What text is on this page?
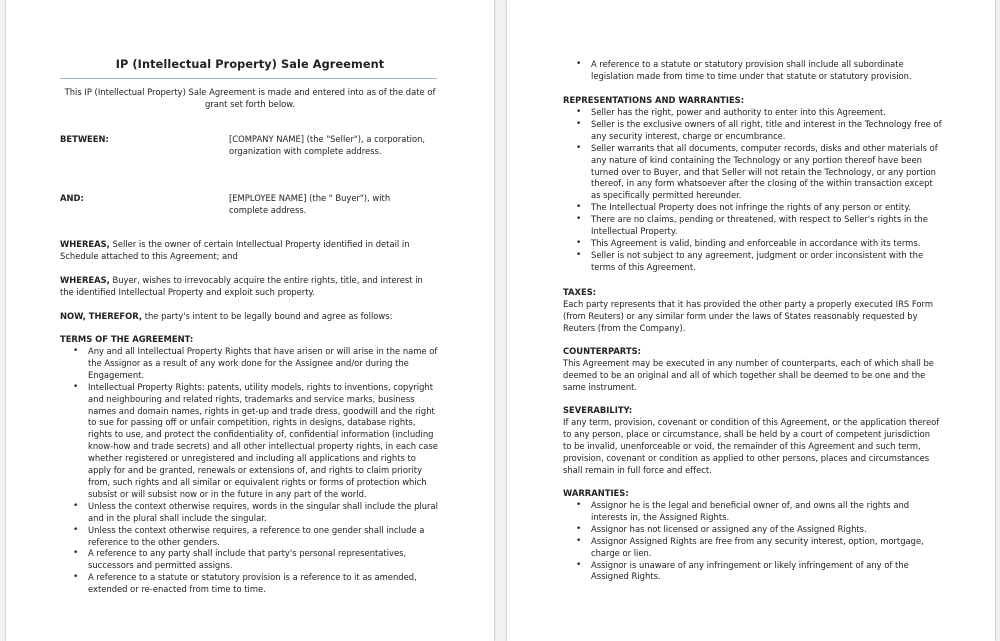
IP (Intellectual Property) Sale Agreement
This IP (Intellectual Property) Sale Agreement is made and entered into as of the date of grant set forth below.
BETWEEN:	[COMPANY NAME] (the "Seller"), a corporation, organization with complete address.
AND:	[EMPLOYEE NAME] (the " Buyer"), with complete address.
WHEREAS, Seller is the owner of certain Intellectual Property identified in detail in Schedule attached to this Agreement; and
WHEREAS, Buyer, wishes to irrevocably acquire the entire rights, title, and interest in the identified Intellectual Property and exploit such property.
NOW, THEREFOR, the party's intent to be legally bound and agree as follows:
TERMS OF THE AGREEMENT:
• Any and all Intellectual Property Rights that have arisen or will arise in the name of the Assignor as a result of any work done for the Assignee and/or during the Engagement.
• Intellectual Property Rights: patents, utility models, rights to inventions, copyright and neighbouring and related rights, trademarks and service marks, business names and domain names, rights in get-up and trade dress, goodwill and the right to sue for passing off or unfair competition, rights in designs, database rights, rights to use, and protect the confidentiality of, confidential information (including know-how and trade secrets) and all other intellectual property rights, in each case whether registered or unregistered and including all applications and rights to apply for and be granted, renewals or extensions of, and rights to claim priority from, such rights and all similar or equivalent rights or forms of protection which subsist or will subsist now or in the future in any part of the world.
• Unless the context otherwise requires, words in the singular shall include the plural and in the plural shall include the singular.
• Unless the context otherwise requires, a reference to one gender shall include a reference to the other genders.
• A reference to any party shall include that party's personal representatives, successors and permitted assigns.
• A reference to a statute or statutory provision is a reference to it as amended, extended or re-enacted from time to time.
• A reference to a statute or statutory provision shall include all subordinate legislation made from time to time under that statute or statutory provision.
REPRESENTATIONS AND WARRANTIES:
• Seller has the right, power and authority to enter into this Agreement.
• Seller is the exclusive owners of all right, title and interest in the Technology free of any security interest, charge or encumbrance.
• Seller warrants that all documents, computer records, disks and other materials of any nature of kind containing the Technology or any portion thereof have been turned over to Buyer, and that Seller will not retain the Technology, or any portion thereof, in any form whatsoever after the closing of the within transaction except as specifically permitted hereunder.
• The Intellectual Property does not infringe the rights of any person or entity.
• There are no claims, pending or threatened, with respect to Seller's rights in the Intellectual Property.
• This Agreement is valid, binding and enforceable in accordance with its terms.
• Seller is not subject to any agreement, judgment or order inconsistent with the terms of this Agreement.
TAXES:
Each party represents that it has provided the other party a properly executed IRS Form (from Reuters) or any similar form under the laws of States reasonably requested by Reuters (from the Company).
COUNTERPARTS:
This Agreement may be executed in any number of counterparts, each of which shall be deemed to be an original and all of which together shall be deemed to be one and the same instrument.
SEVERABILITY:
If any term, provision, covenant or condition of this Agreement, or the application thereof to any person, place or circumstance, shall be held by a court of competent jurisdiction to be invalid, unenforceable or void, the remainder of this Agreement and such term, provision, covenant or condition as applied to other persons, places and circumstances shall remain in full force and effect.
WARRANTIES:
• Assignor he is the legal and beneficial owner of, and owns all the rights and interests in, the Assigned Rights.
• Assignor has not licensed or assigned any of the Assigned Rights.
• Assignor Assigned Rights are free from any security interest, option, mortgage, charge or lien.
• Assignor is unaware of any infringement or likely infringement of any of the Assigned Rights.
